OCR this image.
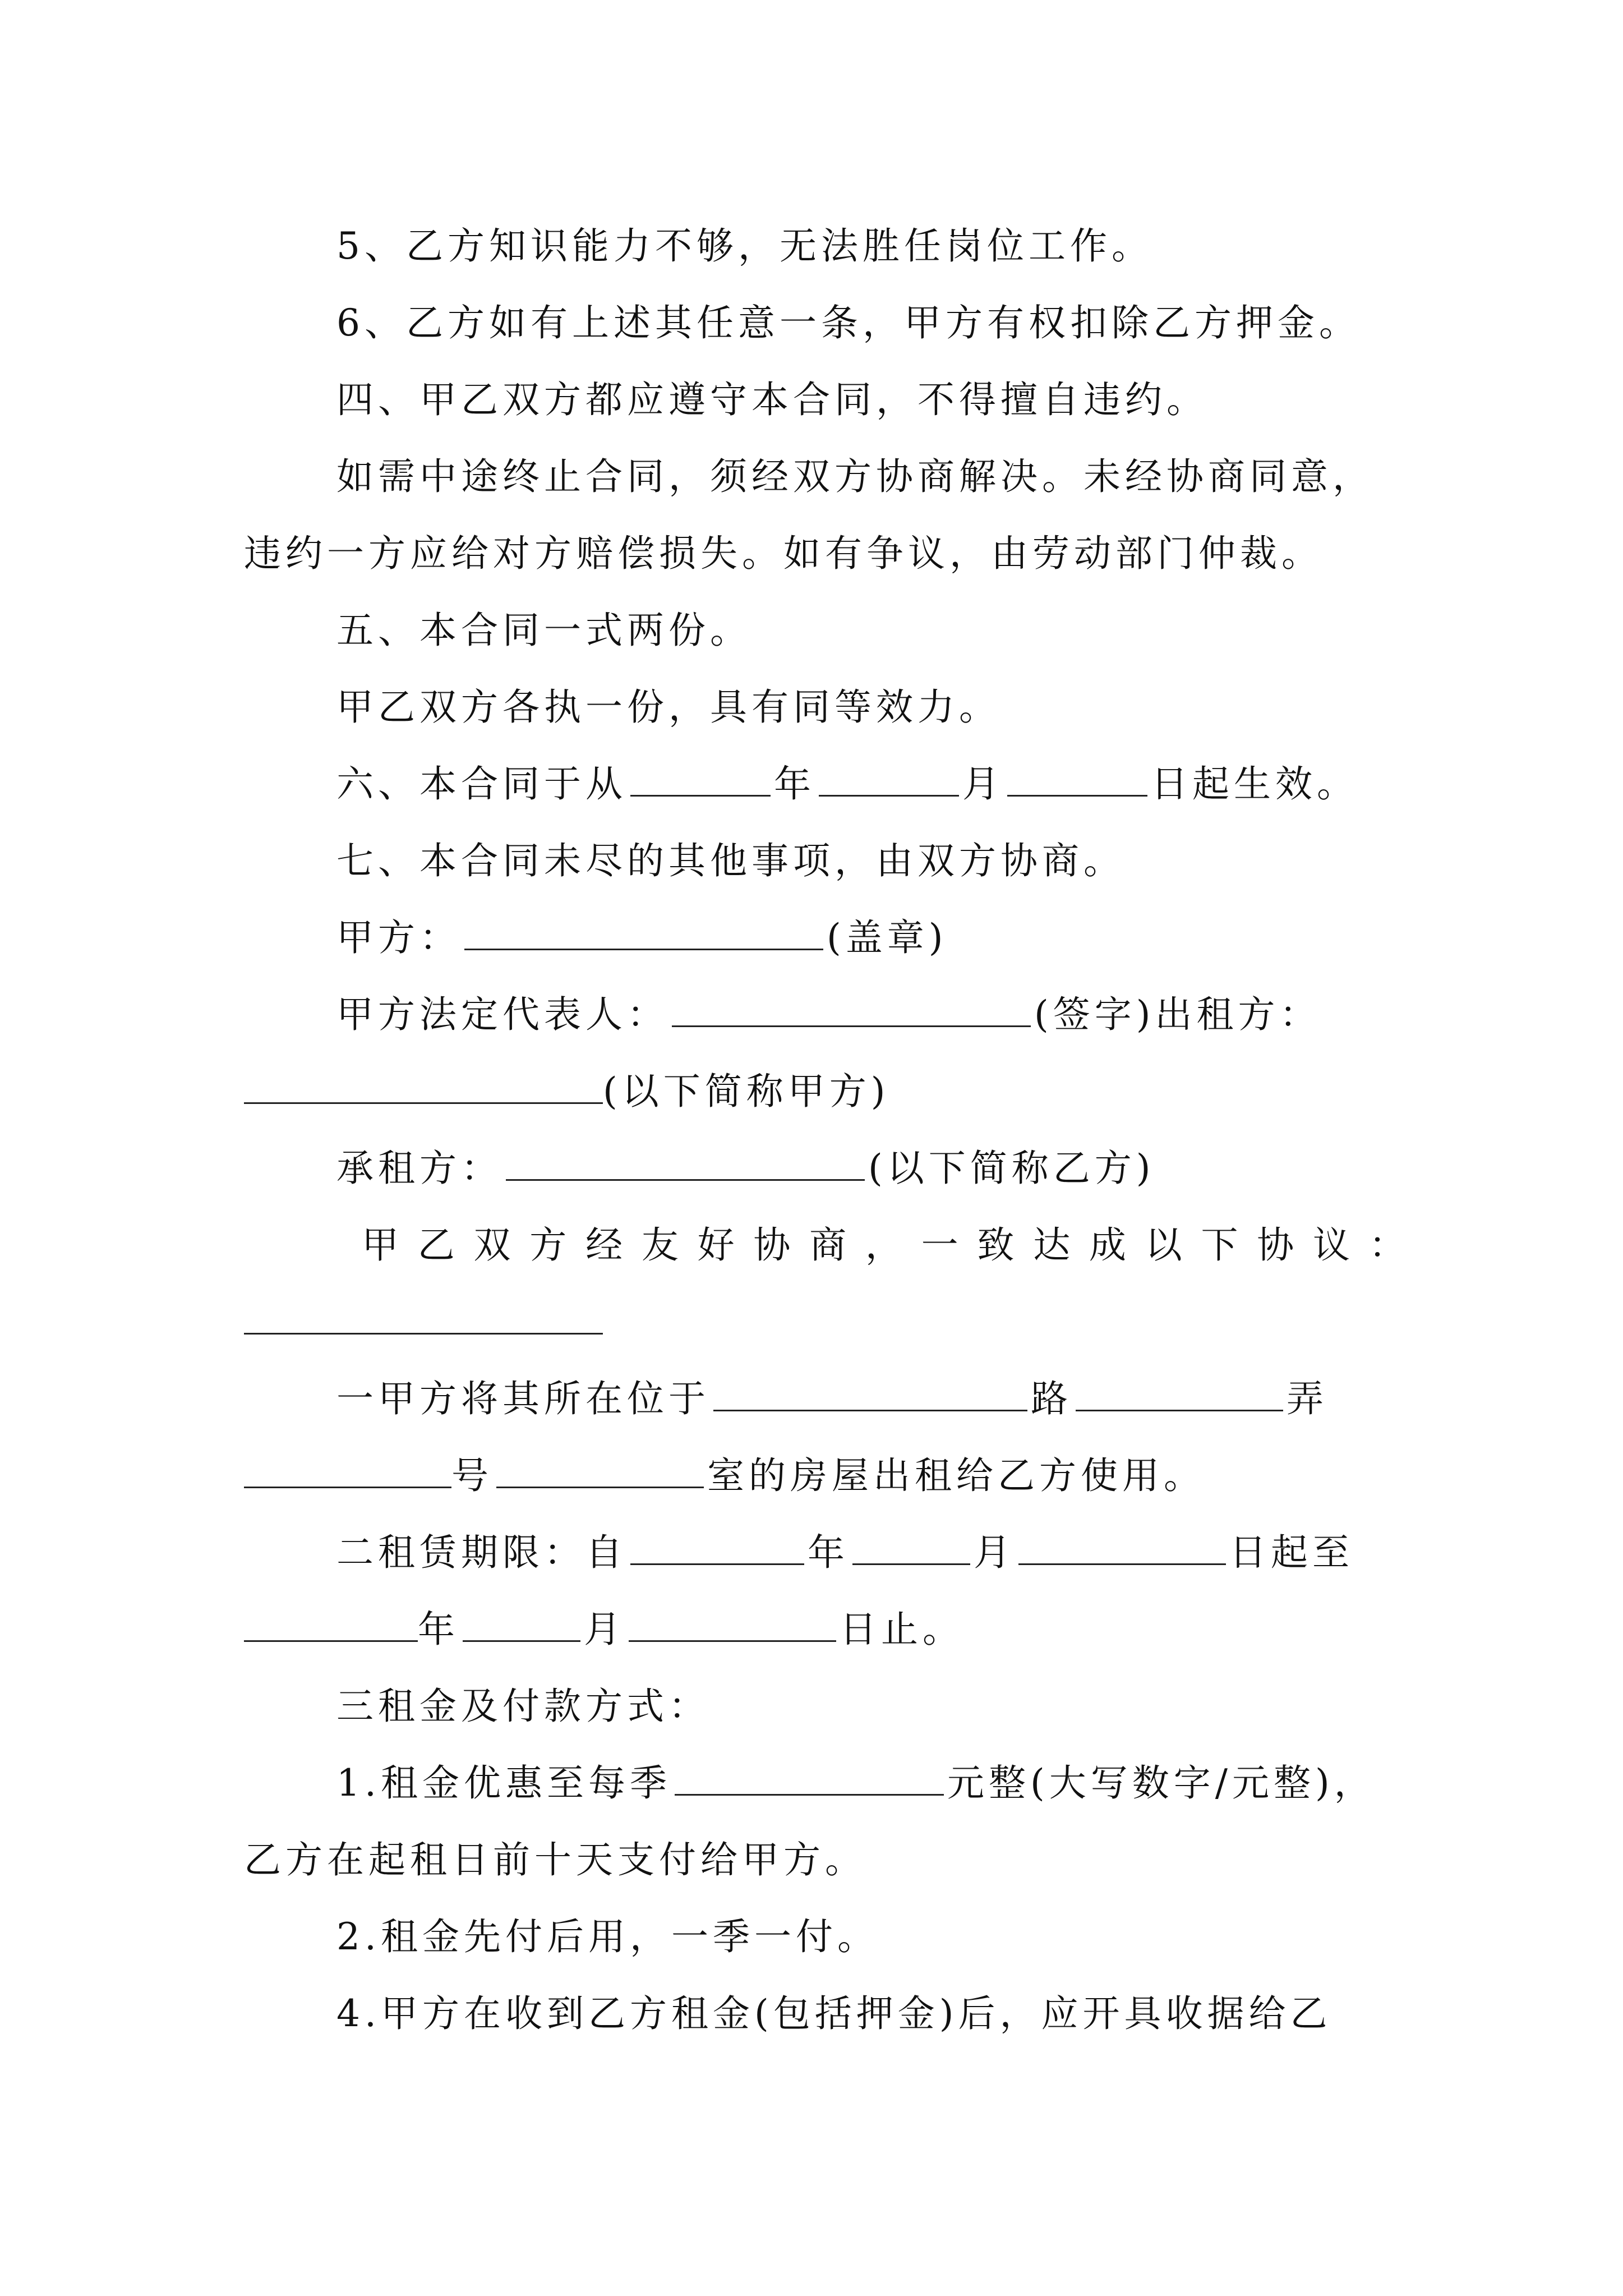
5、乙方知识能力不够，无法胜任岗位工作。
6、乙方如有上述其任意一条，甲方有权扣除乙方押金。
四、甲乙双方都应遵守本合同，不得擅自违约。
如需中途终止合同，须经双方协商解决。未经协商同意，
违约一方应给对方赔偿损失。如有争议，由劳动部门仲裁。
五、本合同一式两份。
甲乙双方各执一份，具有同等效力。
六、本合同于从	年	月	日起生效。
七、本合同未尽的其他事项，由双方协商。
甲方：	(盖章)
甲方法定代表人：	(签字)出租方：
(以下简称甲方)
承租方：	(以下简称乙方)
甲 乙 双 方 经 友 好 协 商 ， 一 致 达 成 以 下 协 议 ：
一甲方将其所在位于	路	弄
号	室的房屋出租给乙方使用。
二租赁期限：自	年	月	日起至
年	月	日止。
三租金及付款方式：
1.租金优惠至每季	元整(大写数字/元整)，
乙方在起租日前十天支付给甲方。
2.租金先付后用，一季一付。
4.甲方在收到乙方租金(包括押金)后，应开具收据给乙
